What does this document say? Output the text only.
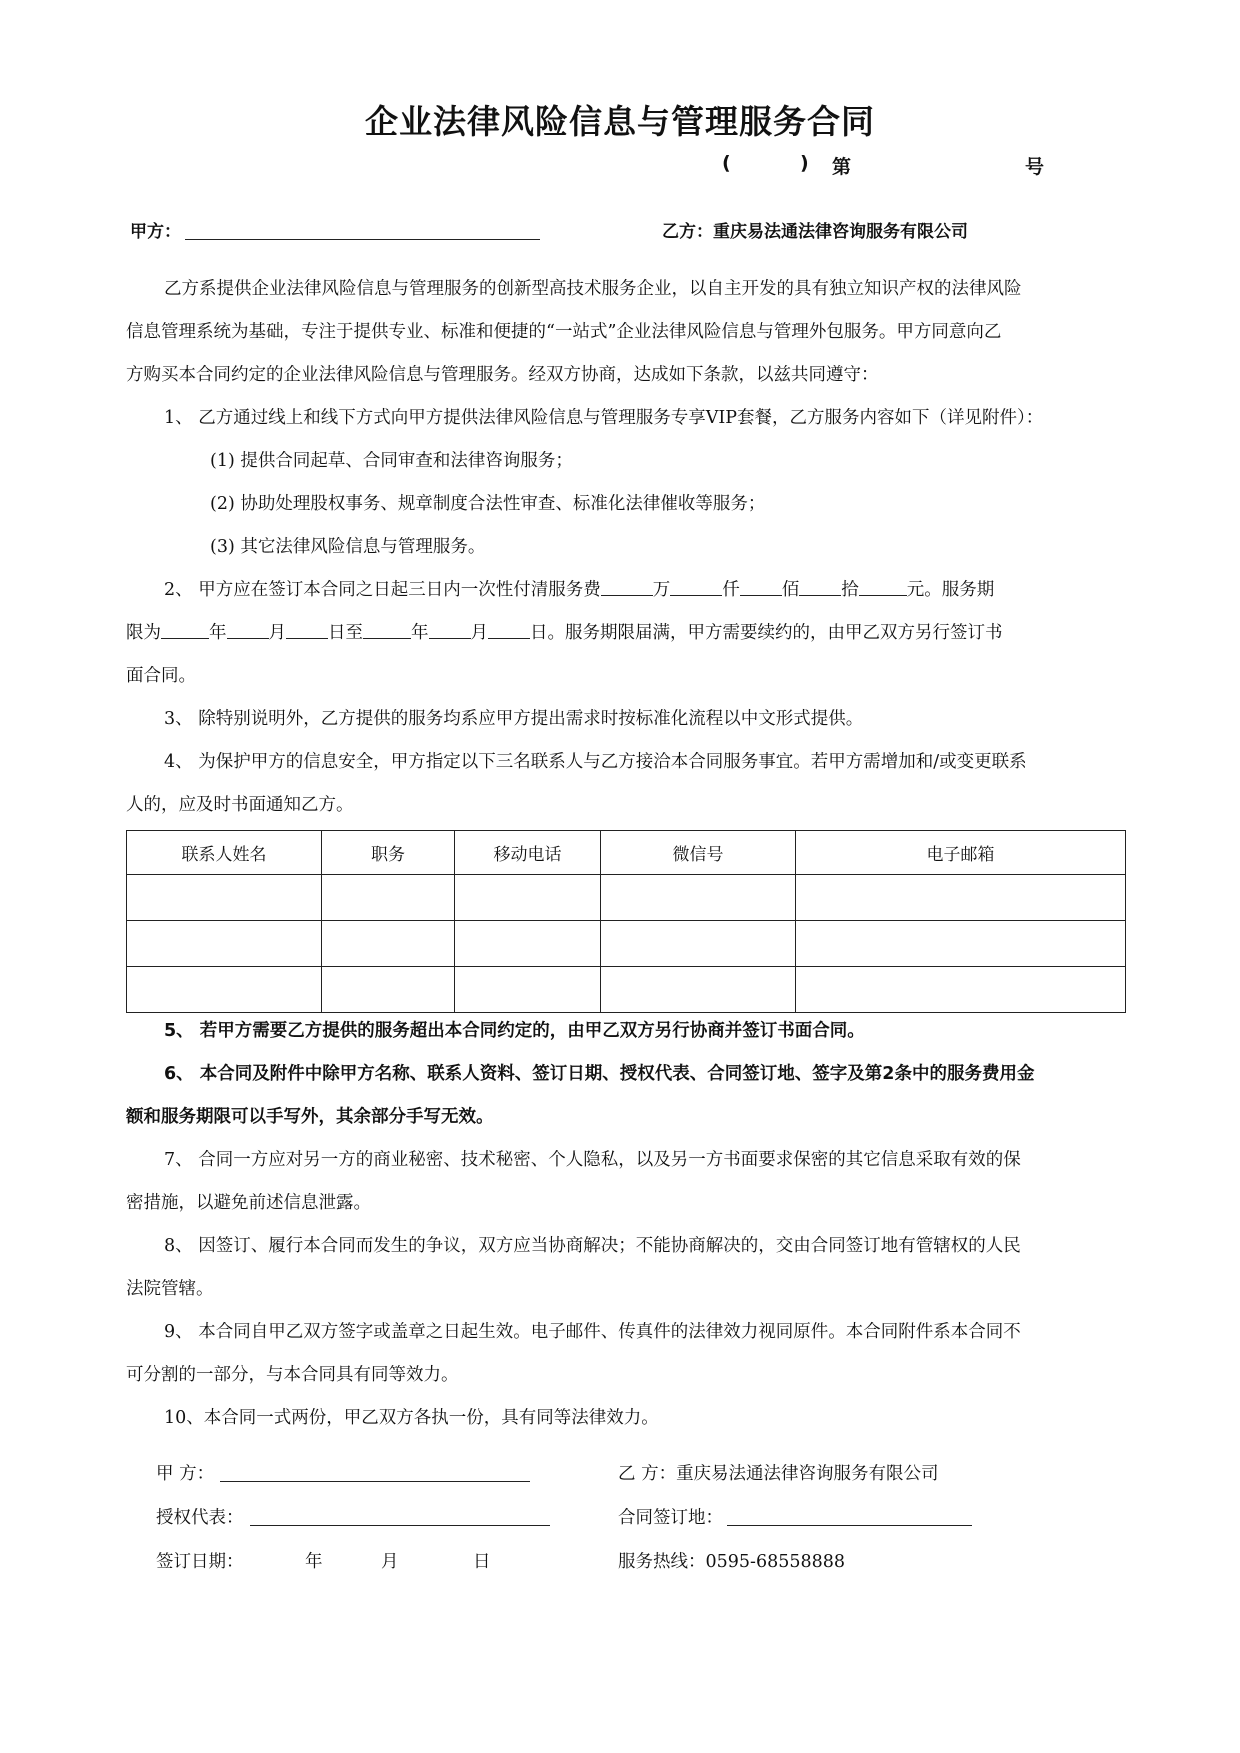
企业法律风险信息与管理服务合同
(	) 第	号
甲方：	乙方：重庆易法通法律咨询服务有限公司
乙方系提供企业法律风险信息与管理服务的创新型高技术服务企业，以自主开发的具有独立知识产权的法律风险
信息管理系统为基础，专注于提供专业、标准和便捷的“一站式”企业法律风险信息与管理外包服务。甲方同意向乙
方购买本合同约定的企业法律风险信息与管理服务。经双方协商，达成如下条款，以兹共同遵守：
1、 乙方通过线上和线下方式向甲方提供法律风险信息与管理服务专享VIP套餐，乙方服务内容如下（详见附件）：
(1) 提供合同起草、合同审查和法律咨询服务；
(2) 协助处理股权事务、规章制度合法性审查、标准化法律催收等服务；
(3) 其它法律风险信息与管理服务。
2、 甲方应在签订本合同之日起三日内一次性付清服务费	万	仟 佰 拾	元。服务期
限为	年 月 日至	年 月 日。服务期限届满，甲方需要续约的，由甲乙双方另行签订书
面合同。
3、 除特别说明外，乙方提供的服务均系应甲方提出需求时按标准化流程以中文形式提供。
4、 为保护甲方的信息安全，甲方指定以下三名联系人与乙方接洽本合同服务事宜。若甲方需增加和/或变更联系
人的，应及时书面通知乙方。
联系人姓名	职务	移动电话	微信号	电子邮箱

5、 若甲方需要乙方提供的服务超出本合同约定的，由甲乙双方另行协商并签订书面合同。
6、 本合同及附件中除甲方名称、联系人资料、签订日期、授权代表、合同签订地、签字及第2条中的服务费用金
额和服务期限可以手写外，其余部分手写无效。
7、 合同一方应对另一方的商业秘密、技术秘密、个人隐私，以及另一方书面要求保密的其它信息采取有效的保
密措施，以避免前述信息泄露。
8、 因签订、履行本合同而发生的争议，双方应当协商解决；不能协商解决的，交由合同签订地有管辖权的人民
法院管辖。
9、 本合同自甲乙双方签字或盖章之日起生效。电子邮件、传真件的法律效力视同原件。本合同附件系本合同不
可分割的一部分，与本合同具有同等效力。
10、本合同一式两份，甲乙双方各执一份，具有同等法律效力。
甲 方：	乙 方：重庆易法通法律咨询服务有限公司
授权代表：	合同签订地：
签订日期：	年	月	日	服务热线：0595-68558888
